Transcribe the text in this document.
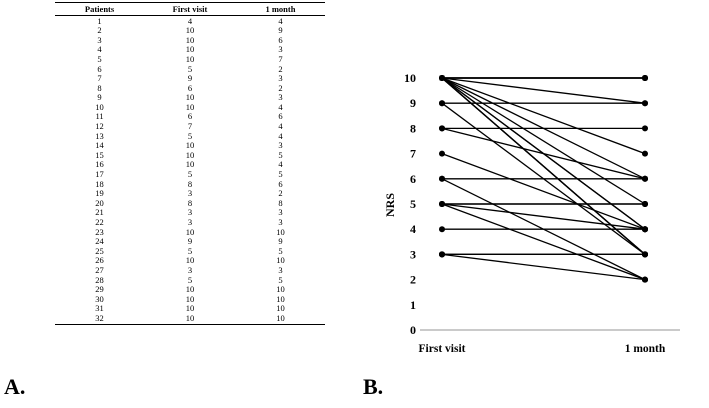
Patients	First visit	1 month
1	4	4
2	10	9
3	10	6
4	10	3
5	10	7
6	5	2
7	9	3
8	6	2
9	10	3
10	10	4
11	6	6
12	7	4
13	5	4
14	10	3
15	10	5
16	10	4
17	5	5
18	8	6
19	3	2
20	8	8
21	3	3
22	3	3
23	10	10
24	9	9
25	5	5
26	10	10
27	3	3
28	5	5
29	10	10
30	10	10
31	10	10
32	10	10
A.
0
1
2
3
4
5
6
7
8
9
10
First visit	1 month
NRS
B.
